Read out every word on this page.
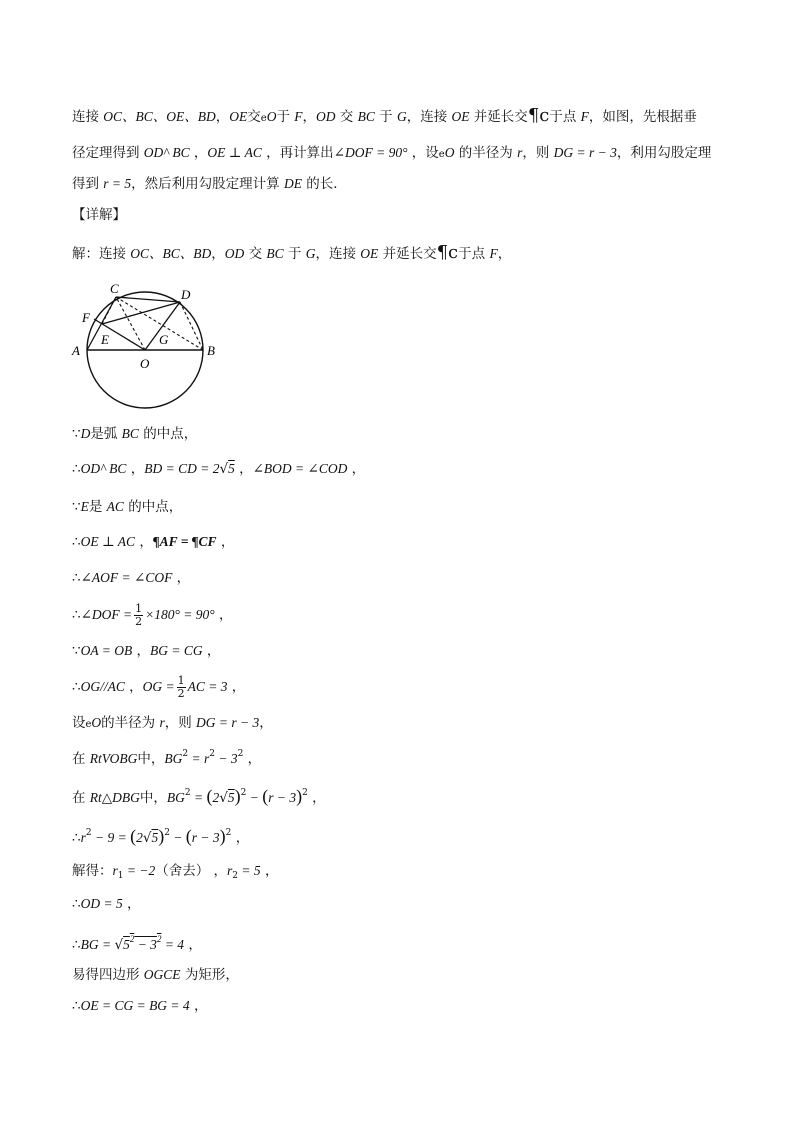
连接 OC、BC、OE、BD，OE交eO于 F，OD 交 BC 于 G，连接 OE 并延长交¶c于点 F，如图，先根据垂
径定理得到 OD^ BC ，OE ⊥ AC ，再计算出∠DOF = 90° ，设eO 的半径为 r，则 DG = r − 3，利用勾股定理
得到 r = 5，然后利用勾股定理计算 DE 的长．
【详解】
解：连接 OC、BC、BD，OD 交 BC 于 G，连接 OE 并延长交¶c于点 F，
C	D
F
A
E	G
B
O
∵D是弧 BC 的中点，
∴OD^ BC ，BD = CD = 2√5 ，∠BOD = ∠COD ，
∵E是 AC 的中点，
∴OE ⊥ AC ，¶AF = ¶CF ，
∴∠AOF = ∠COF ，
∴∠DOF = $\frac{1}{2} \times 180^\circ = 90^\circ$ ，
∵OA = OB ，BG = CG ，
∴OG//AC ，OG = $\frac{1}{2}$ AC = 3 ，
设eO的半径为 r，则 DG = r − 3，
在 RtVOBG中，$BG^2 = r^2 - 3^2$ ，
在 Rt△DBG中，$BG^2 = (2√5)^2 - (r - 3)^2$ ，
$\therefore r^2 - 9 = (2√5)^2 - (r - 3)^2$ ，
解得：$r_1 = -2$（舍去） ，$r_2 = 5$ ，
∴OD = 5 ，
∴BG = $√5^2 - 3^2 = 4$ ，
易得四边形 OGCE 为矩形，
∴OE = CG = BG = 4 ，
